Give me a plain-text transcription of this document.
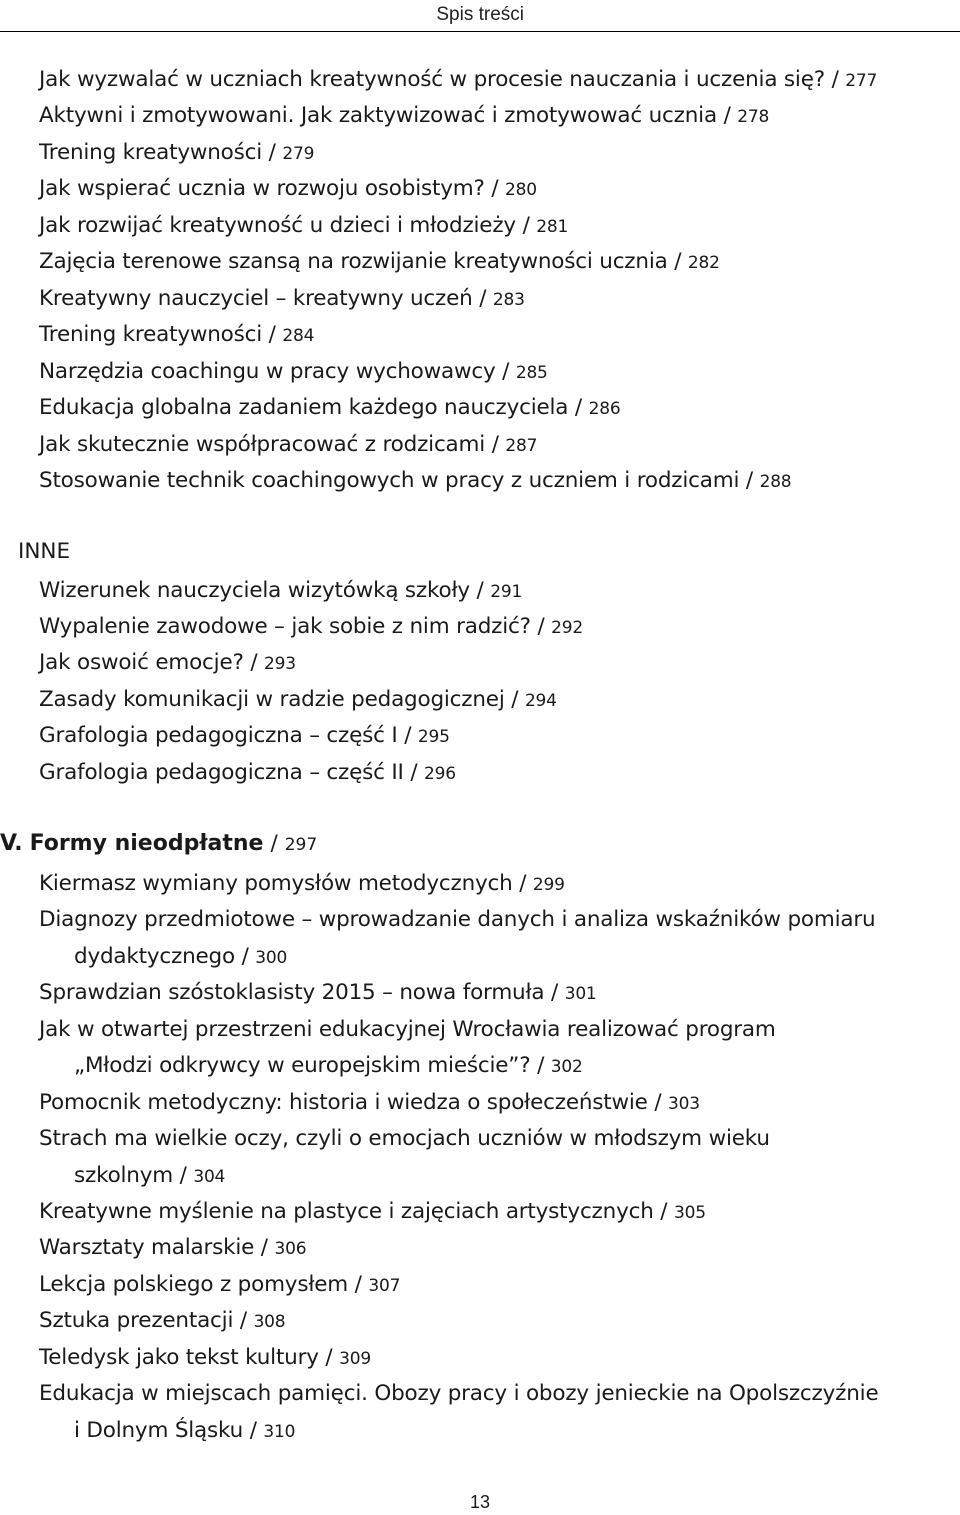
Spis treści
Jak wyzwalać w uczniach kreatywność w procesie nauczania i uczenia się? / 277
Aktywni i zmotywowani. Jak zaktywizować i zmotywować ucznia / 278
Trening kreatywności / 279
Jak wspierać ucznia w rozwoju osobistym? / 280
Jak rozwijać kreatywność u dzieci i młodzieży / 281
Zajęcia terenowe szansą na rozwijanie kreatywności ucznia / 282
Kreatywny nauczyciel – kreatywny uczeń / 283
Trening kreatywności / 284
Narzędzia coachingu w pracy wychowawcy / 285
Edukacja globalna zadaniem każdego nauczyciela / 286
Jak skutecznie współpracować z rodzicami / 287
Stosowanie technik coachingowych w pracy z uczniem i rodzicami / 288
INNE
Wizerunek nauczyciela wizytówką szkoły / 291
Wypalenie zawodowe – jak sobie z nim radzić? / 292
Jak oswoić emocje? / 293
Zasady komunikacji w radzie pedagogicznej / 294
Grafologia pedagogiczna – część I / 295
Grafologia pedagogiczna – część II / 296
V. Formy nieodpłatne / 297
Kiermasz wymiany pomysłów metodycznych / 299
Diagnozy przedmiotowe – wprowadzanie danych i analiza wskaźników pomiaru
dydaktycznego / 300
Sprawdzian szóstoklasisty 2015 – nowa formuła / 301
Jak w otwartej przestrzeni edukacyjnej Wrocławia realizować program
„Młodzi odkrywcy w europejskim mieście”? / 302
Pomocnik metodyczny: historia i wiedza o społeczeństwie / 303
Strach ma wielkie oczy, czyli o emocjach uczniów w młodszym wieku
szkolnym / 304
Kreatywne myślenie na plastyce i zajęciach artystycznych / 305
Warsztaty malarskie / 306
Lekcja polskiego z pomysłem / 307
Sztuka prezentacji / 308
Teledysk jako tekst kultury / 309
Edukacja w miejscach pamięci. Obozy pracy i obozy jenieckie na Opolszczyźnie
i Dolnym Śląsku / 310
13
